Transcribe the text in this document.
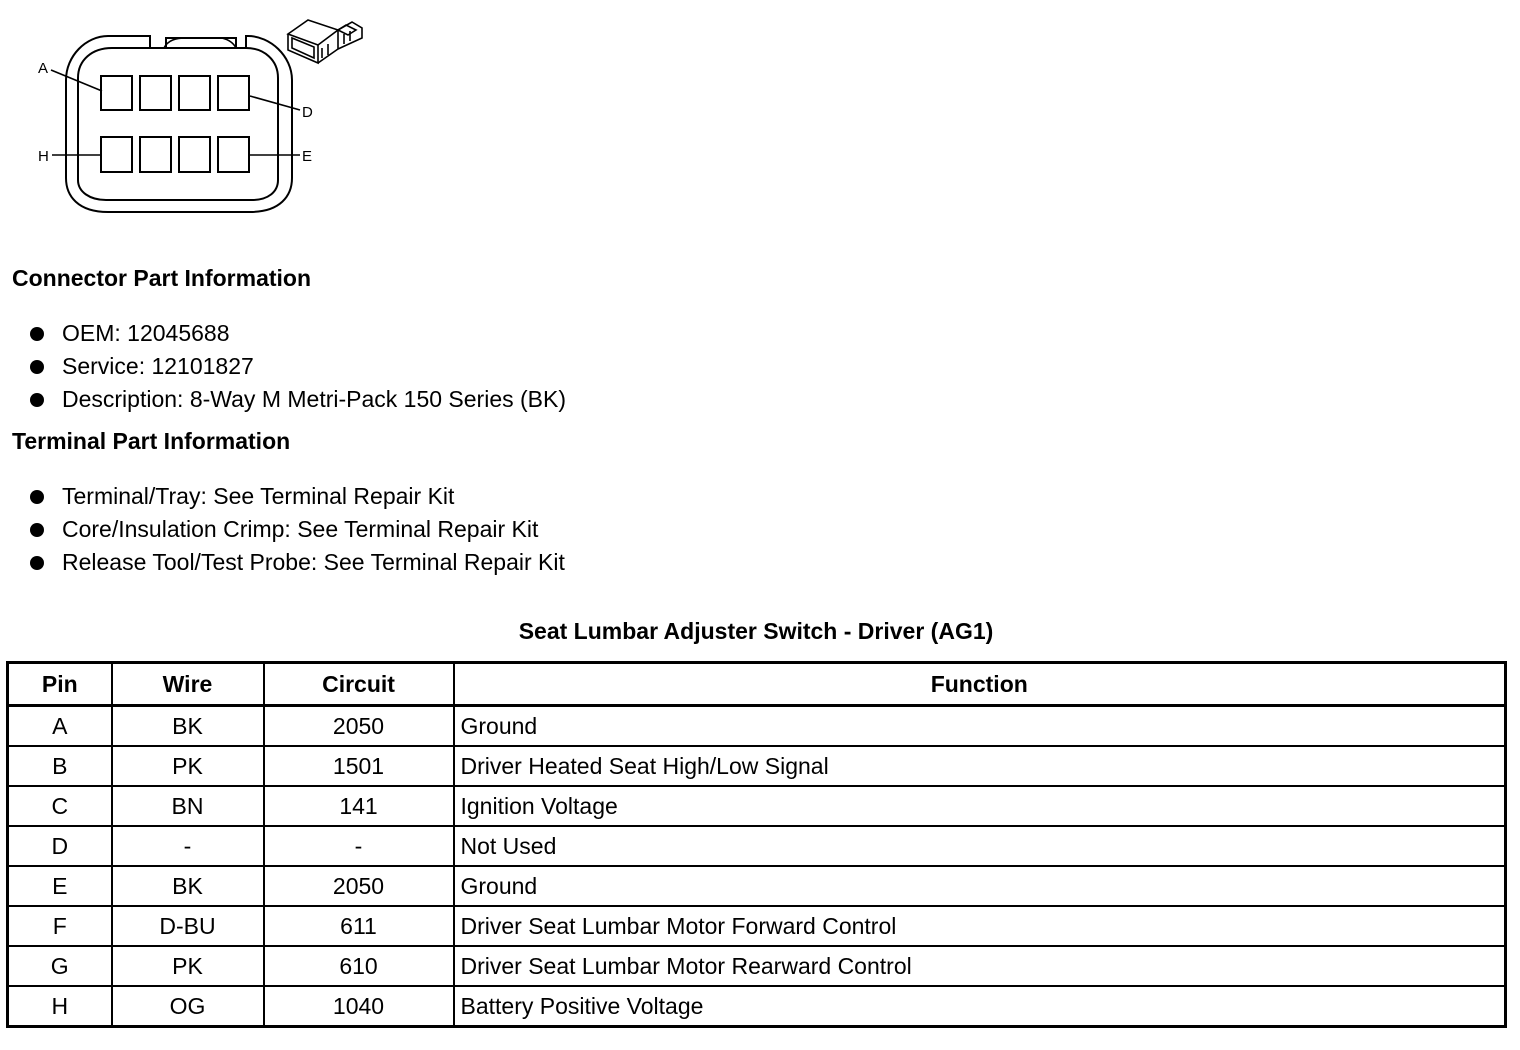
A
D
H	E
Connector Part Information
OEM: 12045688
Service: 12101827
Description: 8-Way M Metri-Pack 150 Series (BK)
Terminal Part Information
Terminal/Tray: See Terminal Repair Kit
Core/Insulation Crimp: See Terminal Repair Kit
Release Tool/Test Probe: See Terminal Repair Kit
Seat Lumbar Adjuster Switch - Driver (AG1)
Pin	Wire	Circuit	Function
A	BK	2050	Ground
B	PK	1501	Driver Heated Seat High/Low Signal
C	BN	141	Ignition Voltage
D	-	-	Not Used
E	BK	2050	Ground
F	D-BU	611	Driver Seat Lumbar Motor Forward Control
G	PK	610	Driver Seat Lumbar Motor Rearward Control
H	OG	1040	Battery Positive Voltage
